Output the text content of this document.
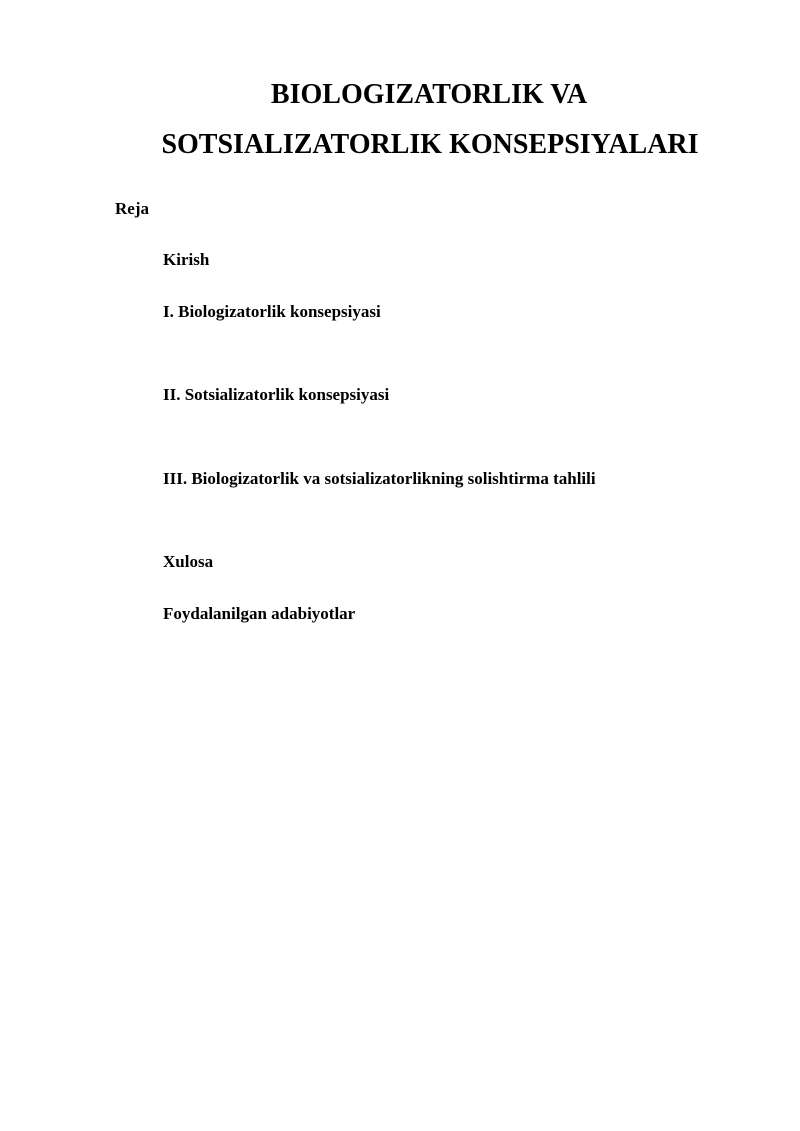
BIOLOGIZATORLIK VA
SOTSIALIZATORLIK KONSEPSIYALARI
Reja
Kirish
I. Biologizatorlik konsepsiyasi
II. Sotsializatorlik konsepsiyasi
III. Biologizatorlik va sotsializatorlikning solishtirma tahlili
Xulosa
Foydalanilgan adabiyotlar
